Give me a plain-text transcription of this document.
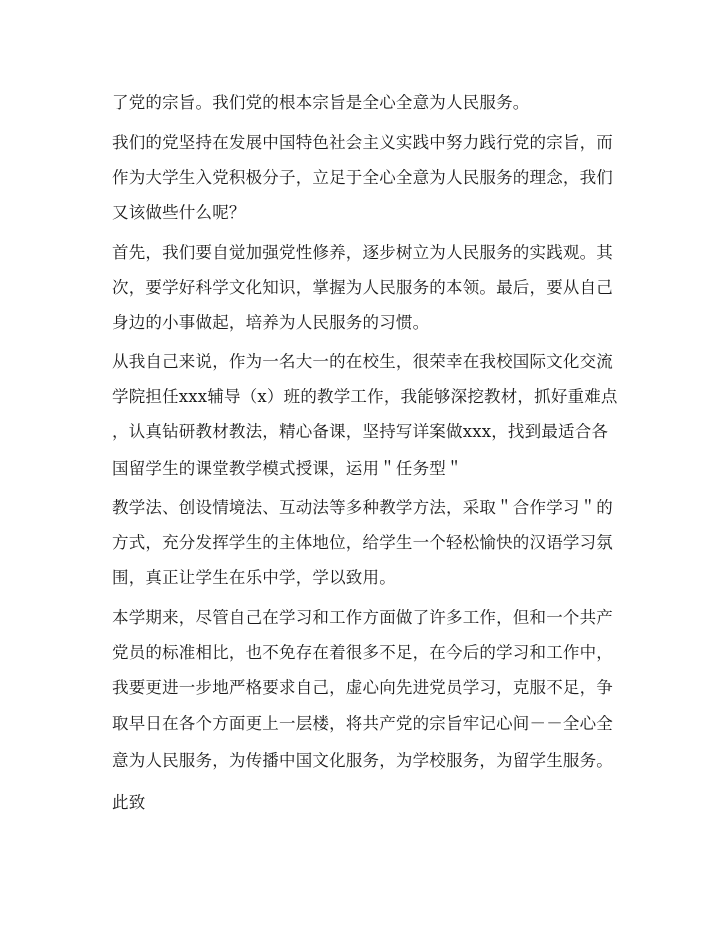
了党的宗旨。我们党的根本宗旨是全心全意为人民服务。
我们的党坚持在发展中国特色社会主义实践中努力践行党的宗旨，而
作为大学生入党积极分子，立足于全心全意为人民服务的理念，我们
又该做些什么呢？
首先，我们要自觉加强党性修养，逐步树立为人民服务的实践观。其
次，要学好科学文化知识，掌握为人民服务的本领。最后，要从自己
身边的小事做起，培养为人民服务的习惯。
从我自己来说，作为一名大一的在校生，很荣幸在我校国际文化交流
学院担任xxx辅导（x）班的教学工作，我能够深挖教材，抓好重难点
，认真钻研教材教法，精心备课，坚持写详案做xxx，找到最适合各
国留学生的课堂教学模式授课，运用＂任务型＂
教学法、创设情境法、互动法等多种教学方法，采取＂合作学习＂的
方式，充分发挥学生的主体地位，给学生一个轻松愉快的汉语学习氛
围，真正让学生在乐中学，学以致用。
本学期来，尽管自己在学习和工作方面做了许多工作，但和一个共产
党员的标准相比，也不免存在着很多不足，在今后的学习和工作中，
我要更进一步地严格要求自己，虚心向先进党员学习，克服不足，争
取早日在各个方面更上一层楼，将共产党的宗旨牢记心间－－全心全
意为人民服务，为传播中国文化服务，为学校服务，为留学生服务。
此致
